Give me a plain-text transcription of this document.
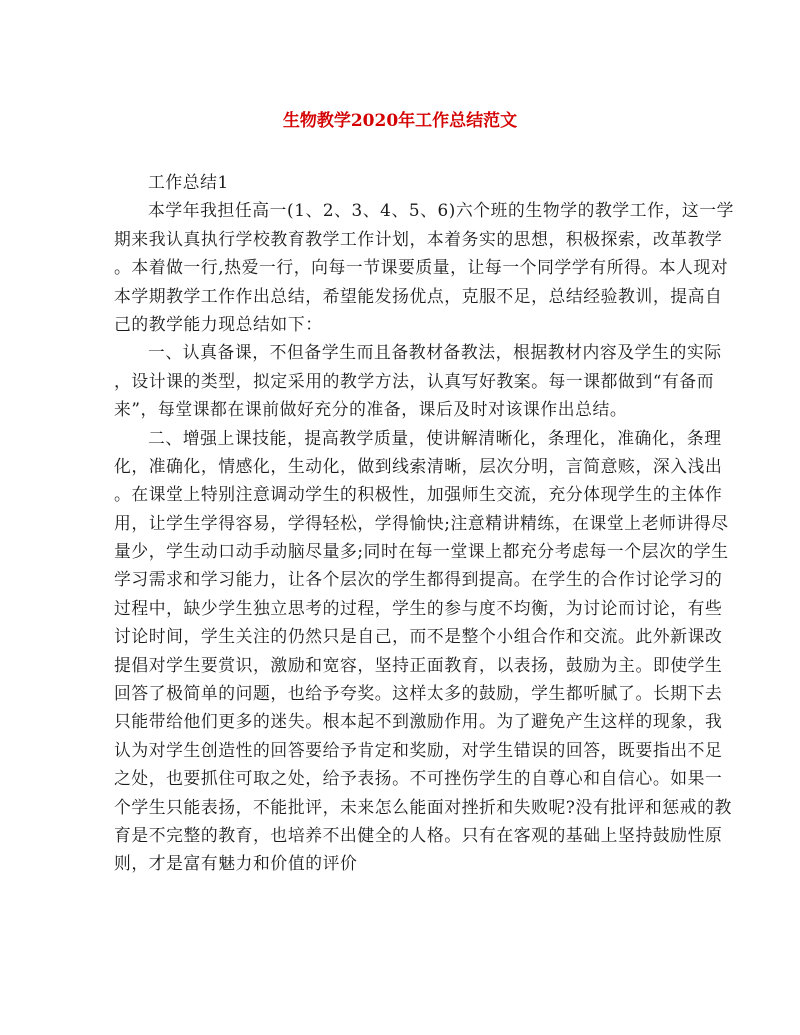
生物教学2020年工作总结范文
工作总结1
本学年我担任高一(1、2、3、4、5、6)六个班的生物学的教学工作，这一学
期来我认真执行学校教育教学工作计划，本着务实的思想，积极探索，改革教学
。本着做一行,热爱一行，向每一节课要质量，让每一个同学学有所得。本人现对
本学期教学工作作出总结，希望能发扬优点，克服不足，总结经验教训，提高自
己的教学能力现总结如下：
一、认真备课，不但备学生而且备教材备教法，根据教材内容及学生的实际
，设计课的类型，拟定采用的教学方法，认真写好教案。每一课都做到“有备而
来”，每堂课都在课前做好充分的准备，课后及时对该课作出总结。
二、增强上课技能，提高教学质量，使讲解清晰化，条理化，准确化，条理
化，准确化，情感化，生动化，做到线索清晰，层次分明，言简意赅，深入浅出
。在课堂上特别注意调动学生的积极性，加强师生交流，充分体现学生的主体作
用，让学生学得容易，学得轻松，学得愉快;注意精讲精练，在课堂上老师讲得尽
量少，学生动口动手动脑尽量多;同时在每一堂课上都充分考虑每一个层次的学生
学习需求和学习能力，让各个层次的学生都得到提高。在学生的合作讨论学习的
过程中，缺少学生独立思考的过程，学生的参与度不均衡，为讨论而讨论，有些
讨论时间，学生关注的仍然只是自己，而不是整个小组合作和交流。此外新课改
提倡对学生要赏识，激励和宽容，坚持正面教育，以表扬，鼓励为主。即使学生
回答了极简单的问题，也给予夸奖。这样太多的鼓励，学生都听腻了。长期下去
只能带给他们更多的迷失。根本起不到激励作用。为了避免产生这样的现象，我
认为对学生创造性的回答要给予肯定和奖励，对学生错误的回答，既要指出不足
之处，也要抓住可取之处，给予表扬。不可挫伤学生的自尊心和自信心。如果一
个学生只能表扬，不能批评，未来怎么能面对挫折和失败呢?没有批评和惩戒的教
育是不完整的教育，也培养不出健全的人格。只有在客观的基础上坚持鼓励性原
则，才是富有魅力和价值的评价
